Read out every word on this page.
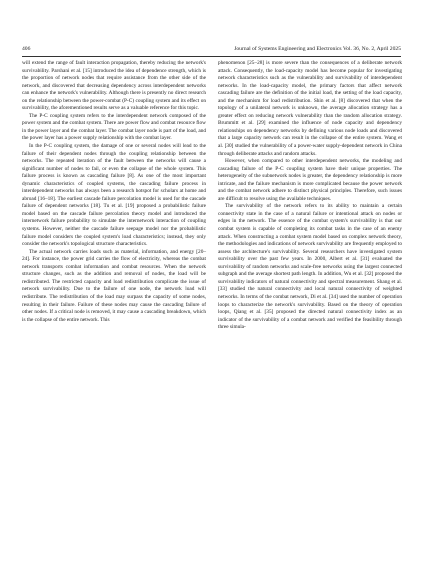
406	Journal of Systems Engineering and Electronics Vol. 36, No. 2, April 2025

will extend the range of fault interaction propagation, thereby reducing the network's survivability. Parshani et al. [15] introduced the idea of dependence strength, which is the proportion of network nodes that require assistance from the other side of the network, and discovered that decreasing dependency across interdependent networks can enhance the network's vulnerability. Although there is presently no direct research on the relationship between the power-combat (P-C) coupling system and its effect on survivability, the aforementioned results serve as a valuable reference for this topic.

The P-C coupling system refers to the interdependent network composed of the power system and the combat system. There are power flow and combat resource flow in the power layer and the combat layer. The combat layer node is part of the load, and the power layer has a power supply relationship with the combat layer.

In the P-C coupling system, the damage of one or several nodes will lead to the failure of their dependent nodes through the coupling relationship between the networks. The repeated iteration of the fault between the networks will cause a significant number of nodes to fail, or even the collapse of the whole system. This failure process is known as cascading failure [8]. As one of the most important dynamic characteristics of coupled systems, the cascading failure process in interdependent networks has always been a research hotspot for scholars at home and abroad [16–18]. The earliest cascade failure percolation model is used for the cascade failure of dependent networks [18]. Tu et al. [19] proposed a probabilistic failure model based on the cascade failure percolation theory model and introduced the internetwork failure probability to simulate the internetwork interaction of coupling systems. However, neither the cascade failure seepage model nor the probabilistic failure model considers the coupled system's load characteristics; instead, they only consider the network's topological structure characteristics.

The actual network carries loads such as material, information, and energy [20–24]. For instance, the power grid carries the flow of electricity, whereas the combat network transports combat information and combat resources. When the network structure changes, such as the addition and removal of nodes, the load will be redistributed. The restricted capacity and load redistribution complicate the issue of network survivability. Due to the failure of one node, the network load will redistribute. The redistribution of the load may surpass the capacity of some nodes, resulting in their failure. Failure of these nodes may cause the cascading failure of other nodes. If a critical node is removed, it may cause a cascading breakdown, which is the collapse of the entire network. This

phenomenon [25–28] is more severe than the consequences of a deliberate network attack. Consequently, the load-capacity model has become popular for investigating network characteristics such as the vulnerability and survivability of interdependent networks. In the load-capacity model, the primary factors that affect network cascading failure are the definition of the initial load, the setting of the load capacity, and the mechanism for load redistribution. Shin et al. [8] discovered that when the topology of a unilateral network is unknown, the average allocation strategy has a greater effect on reducing network vulnerability than the random allocation strategy. Brummitt et al. [29] examined the influence of node capacity and dependency relationships on dependency networks by defining various node loads and discovered that a large capacity network can result in the collapse of the entire system. Wang et al. [30] studied the vulnerability of a power-water supply-dependent network in China through deliberate attacks and random attacks.

However, when compared to other interdependent networks, the modeling and cascading failure of the P-C coupling system have their unique properties. The heterogeneity of the subnetwork nodes is greater, the dependency relationship is more intricate, and the failure mechanism is more complicated because the power network and the combat network adhere to distinct physical principles. Therefore, such issues are difficult to resolve using the available techniques.

The survivability of the network refers to its ability to maintain a certain connectivity state in the case of a natural failure or intentional attack on nodes or edges in the network. The essence of the combat system's survivability is that our combat system is capable of completing its combat tasks in the case of an enemy attack. When constructing a combat system model based on complex network theory, the methodologies and indications of network survivability are frequently employed to assess the architecture's survivability. Several researchers have investigated system survivability over the past few years. In 2000, Albert et al. [31] evaluated the survivability of random networks and scale-free networks using the largest connected subgraph and the average shortest path length. In addition, Wu et al. [32] proposed the survivability indicators of natural connectivity and spectral measurement. Shang et al. [33] studied the natural connectivity and local natural connectivity of weighted networks. In terms of the combat network, Di et al. [34] used the number of operation loops to characterize the network's survivability. Based on the theory of operation loops, Qiang et al. [35] proposed the directed natural connectivity index as an indicator of the survivability of a combat network and verified the feasibility through three simula-
